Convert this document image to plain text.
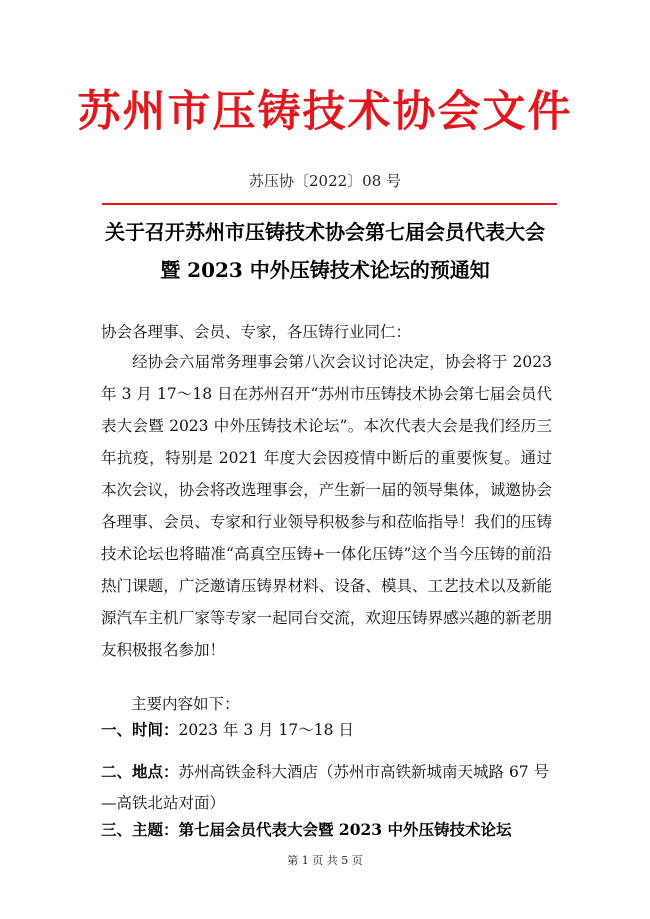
苏州市压铸技术协会文件
苏压协〔2022〕08 号
关于召开苏州市压铸技术协会第七届会员代表大会
暨 2023 中外压铸技术论坛的预通知
协会各理事、会员、专家，各压铸行业同仁：

经协会六届常务理事会第八次会议讨论决定，协会将于 2023 年 3 月 17～18 日在苏州召开“苏州市压铸技术协会第七届会员代表大会暨 2023 中外压铸技术论坛”。本次代表大会是我们经历三年抗疫，特别是 2021 年度大会因疫情中断后的重要恢复。通过本次会议，协会将改选理事会，产生新一届的领导集体，诚邀协会各理事、会员、专家和行业领导积极参与和莅临指导！我们的压铸技术论坛也将瞄准“高真空压铸+一体化压铸”这个当今压铸的前沿热门课题，广泛邀请压铸界材料、设备、模具、工艺技术以及新能源汽车主机厂家等专家一起同台交流，欢迎压铸界感兴趣的新老朋友积极报名参加！

主要内容如下：
一、时间：2023 年 3 月 17～18 日
二、地点：苏州高铁金科大酒店（苏州市高铁新城南天城路 67 号—高铁北站对面）
三、主题：第七届会员代表大会暨 2023 中外压铸技术论坛
第 1 页 共 5 页
